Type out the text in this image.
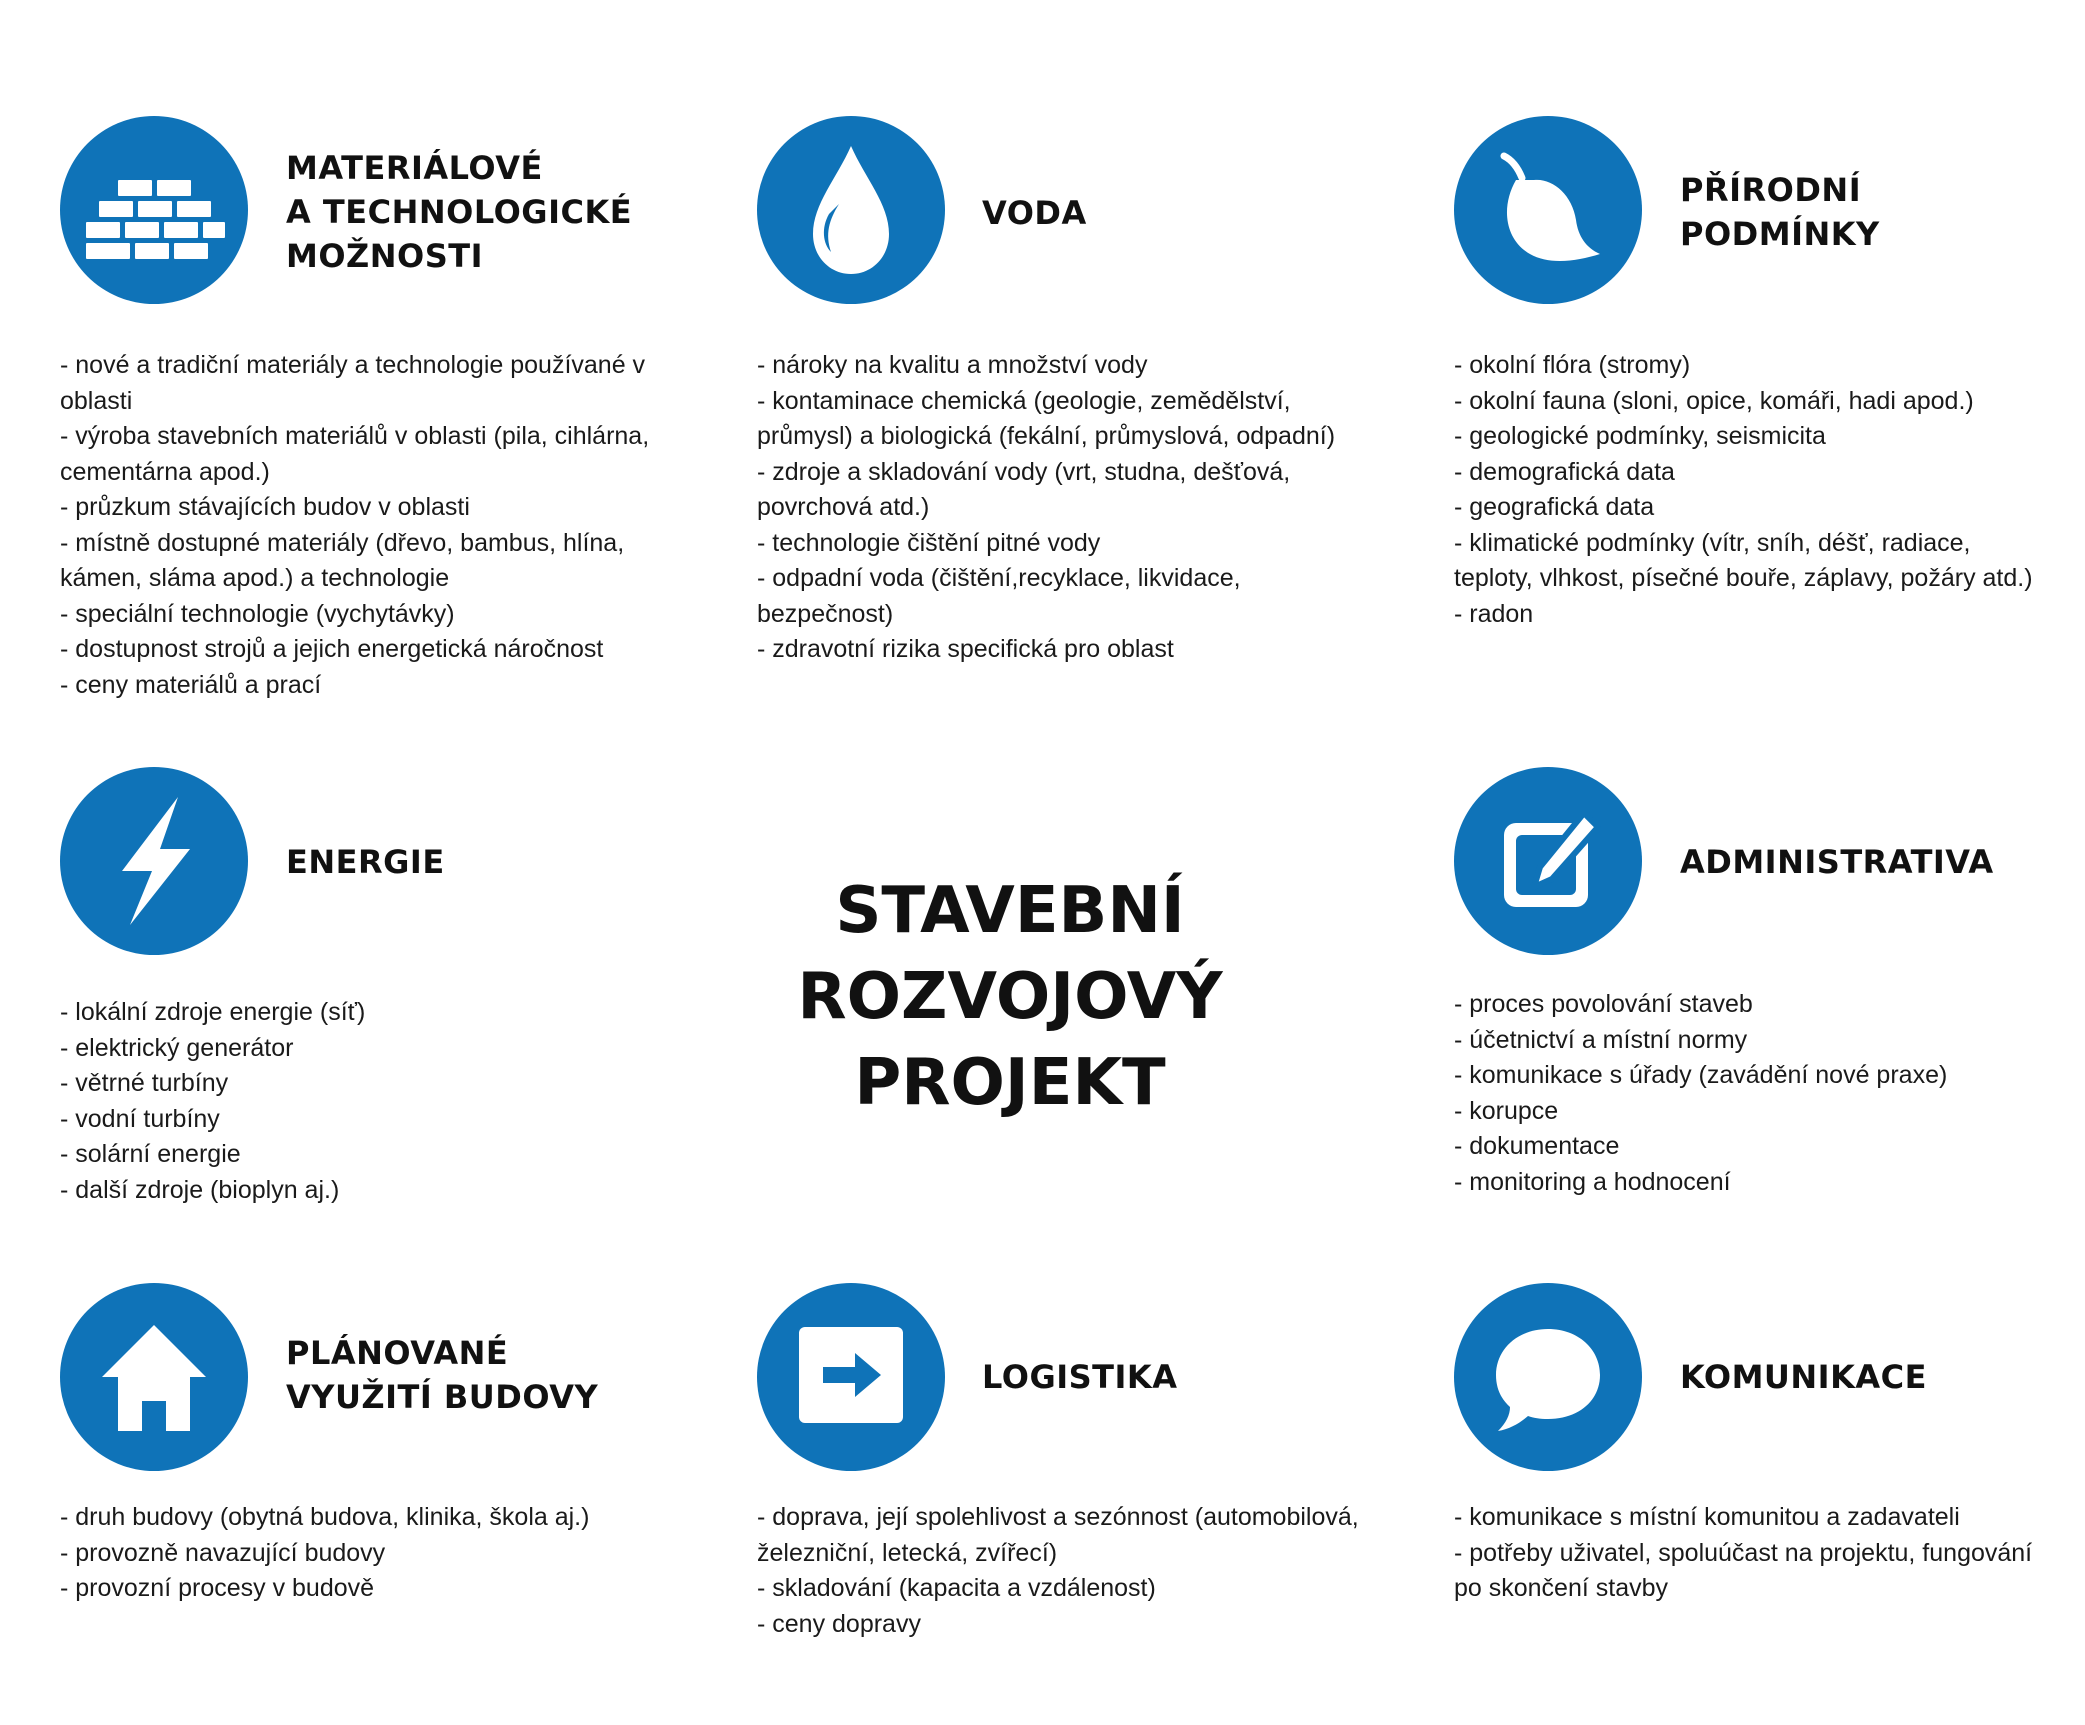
MATERIÁLOVÉ
A TECHNOLOGICKÉ
MOŽNOSTI
- nové a tradiční materiály a technologie používané v oblasti
- výroba stavebních materiálů v oblasti (pila, cihlárna, cementárna apod.)
- průzkum stávajících budov v oblasti
- místně dostupné materiály (dřevo, bambus, hlína, kámen, sláma apod.) a technologie
- speciální technologie (vychytávky)
- dostupnost strojů a jejich energetická náročnost
- ceny materiálů a prací
VODA
- nároky na kvalitu a množství vody
- kontaminace chemická (geologie, zemědělství, průmysl) a biologická (fekální, průmyslová, odpadní)
- zdroje a skladování vody (vrt, studna, dešťová, povrchová atd.)
- technologie čištění pitné vody
- odpadní voda (čištění,recyklace, likvidace, bezpečnost)
- zdravotní rizika specifická pro oblast
PŘÍRODNÍ
PODMÍNKY
- okolní flóra (stromy)
- okolní fauna (sloni, opice, komáři, hadi apod.)
- geologické podmínky, seismicita
- demografická data
- geografická data
- klimatické podmínky (vítr, sníh, déšť, radiace, teploty, vlhkost, písečné bouře, záplavy, požáry atd.)
- radon
ENERGIE
- lokální zdroje energie (síť)
- elektrický generátor
- větrné turbíny
- vodní turbíny
- solární energie
- další zdroje (bioplyn aj.)
STAVEBNÍ
ROZVOJOVÝ
PROJEKT
ADMINISTRATIVA
- proces povolování staveb
- účetnictví a místní normy
- komunikace s úřady (zavádění nové praxe)
- korupce
- dokumentace
- monitoring a hodnocení
PLÁNOVANÉ
VYUŽITÍ BUDOVY
- druh budovy (obytná budova, klinika, škola aj.)
- provozně navazující budovy
- provozní procesy v budově
LOGISTIKA
- doprava, její spolehlivost a sezónnost (automobilová, železniční, letecká, zvířecí)
- skladování (kapacita a vzdálenost)
- ceny dopravy
KOMUNIKACE
- komunikace s místní komunitou a zadavateli
- potřeby uživatel, spoluúčast na projektu, fungování po skončení stavby
